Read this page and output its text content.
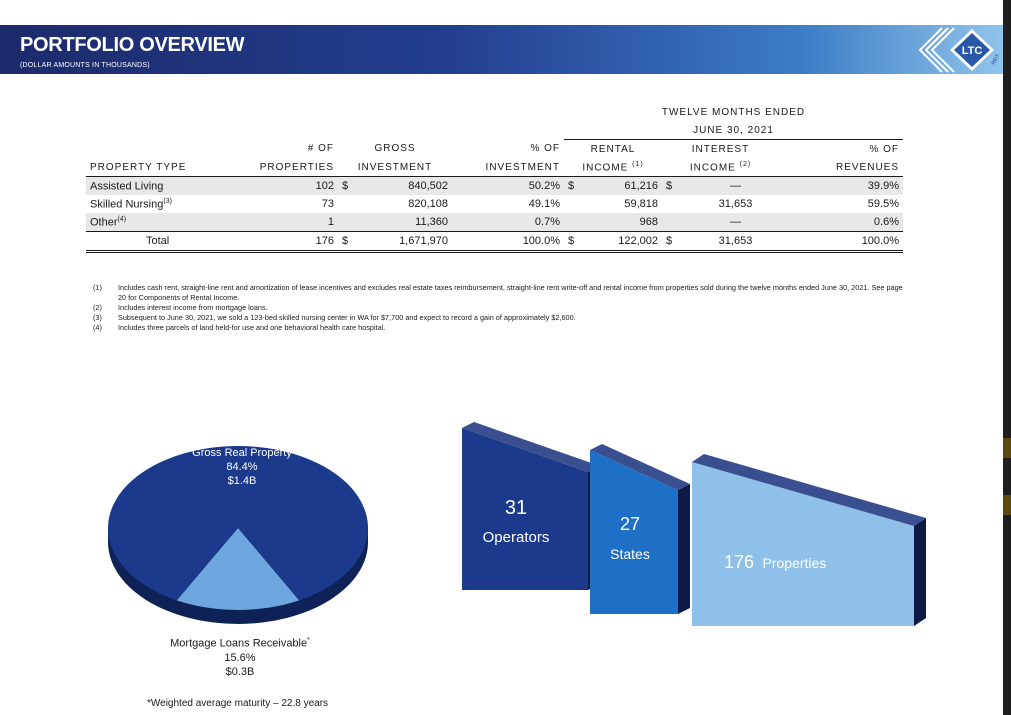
PORTFOLIO OVERVIEW
(DOLLAR AMOUNTS IN THOUSANDS)
LTC
REIT
					TWELVE MONTHS ENDED				
					JUNE 30, 2021				
	# OF	GROSS		% OF	RENTAL		INTEREST		% OF
PROPERTY TYPE	PROPERTIES	INVESTMENT		INVESTMENT	INCOME $^{(1)}$		INCOME $^{(2)}$		REVENUES
Assisted Living	102	$	840,502	50.2%	$	61,216	$	—	39.9%
Skilled Nursing$^{(3)}$	73		820,108	49.1%		59,818		31,653	59.5%
Other$^{(4)}$	1		11,360	0.7%		968		—	0.6%
Total	176	$	1,671,970	100.0%	$	122,002	$	31,653	100.0%
(1)	Includes cash rent, straight-line rent and amortization of lease incentives and excludes real estate taxes reimbursement, straight-line rent write-off and rental income from properties sold during the twelve months ended June 30, 2021. See page 20 for Components of Rental Income.
(2)	Includes interest income from mortgage loans.
(3)	Subsequent to June 30, 2021, we sold a 123-bed skilled nursing center in WA for $7,700 and expect to record a gain of approximately $2,600.
(4)	Includes three parcels of land held-for use and one behavioral health care hospital.
Gross Real Property
84.4%
$1.4B
Mortgage Loans Receivable*
15.6%
$0.3B
*Weighted average maturity – 22.8 years
31
Operators
27
States	176 Properties
